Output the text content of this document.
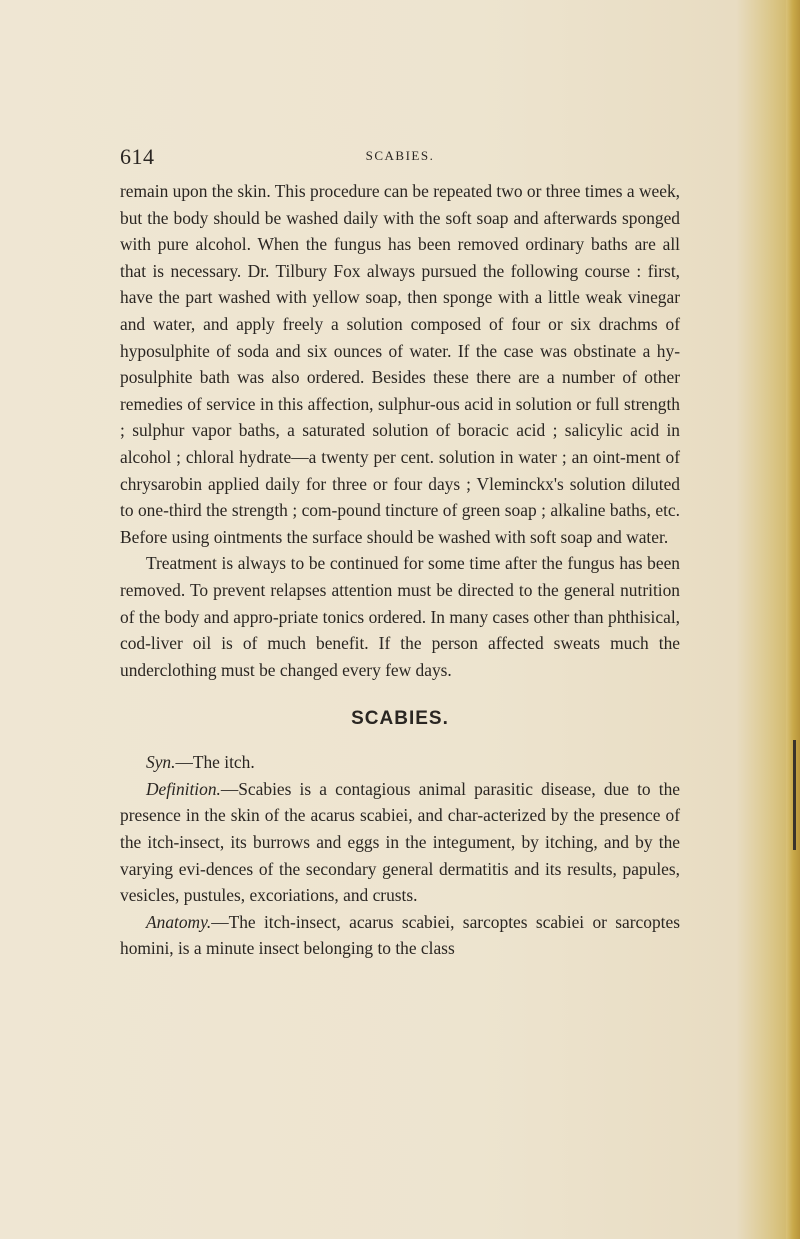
614	SCABIES.

remain upon the skin. This procedure can be repeated two or three times a week, but the body should be washed daily with the soft soap and afterwards sponged with pure alcohol. When the fungus has been removed ordinary baths are all that is necessary. Dr. Tilbury Fox always pursued the following course : first, have the part washed with yellow soap, then sponge with a little weak vinegar and water, and apply freely a solution composed of four or six drachms of hyposulphite of soda and six ounces of water. If the case was obstinate a hy-posulphite bath was also ordered. Besides these there are a number of other remedies of service in this affection, sulphur-ous acid in solution or full strength ; sulphur vapor baths, a saturated solution of boracic acid ; salicylic acid in alcohol ; chloral hydrate—a twenty per cent. solution in water ; an oint-ment of chrysarobin applied daily for three or four days ; Vleminckx's solution diluted to one-third the strength ; com-pound tincture of green soap ; alkaline baths, etc. Before using ointments the surface should be washed with soft soap and water.

Treatment is always to be continued for some time after the fungus has been removed. To prevent relapses attention must be directed to the general nutrition of the body and appro-priate tonics ordered. In many cases other than phthisical, cod-liver oil is of much benefit. If the person affected sweats much the underclothing must be changed every few days.

SCABIES.

Syn.—The itch.

Definition.—Scabies is a contagious animal parasitic disease, due to the presence in the skin of the acarus scabiei, and char-acterized by the presence of the itch-insect, its burrows and eggs in the integument, by itching, and by the varying evi-dences of the secondary general dermatitis and its results, papules, vesicles, pustules, excoriations, and crusts.

Anatomy.—The itch-insect, acarus scabiei, sarcoptes scabiei or sarcoptes homini, is a minute insect belonging to the class
